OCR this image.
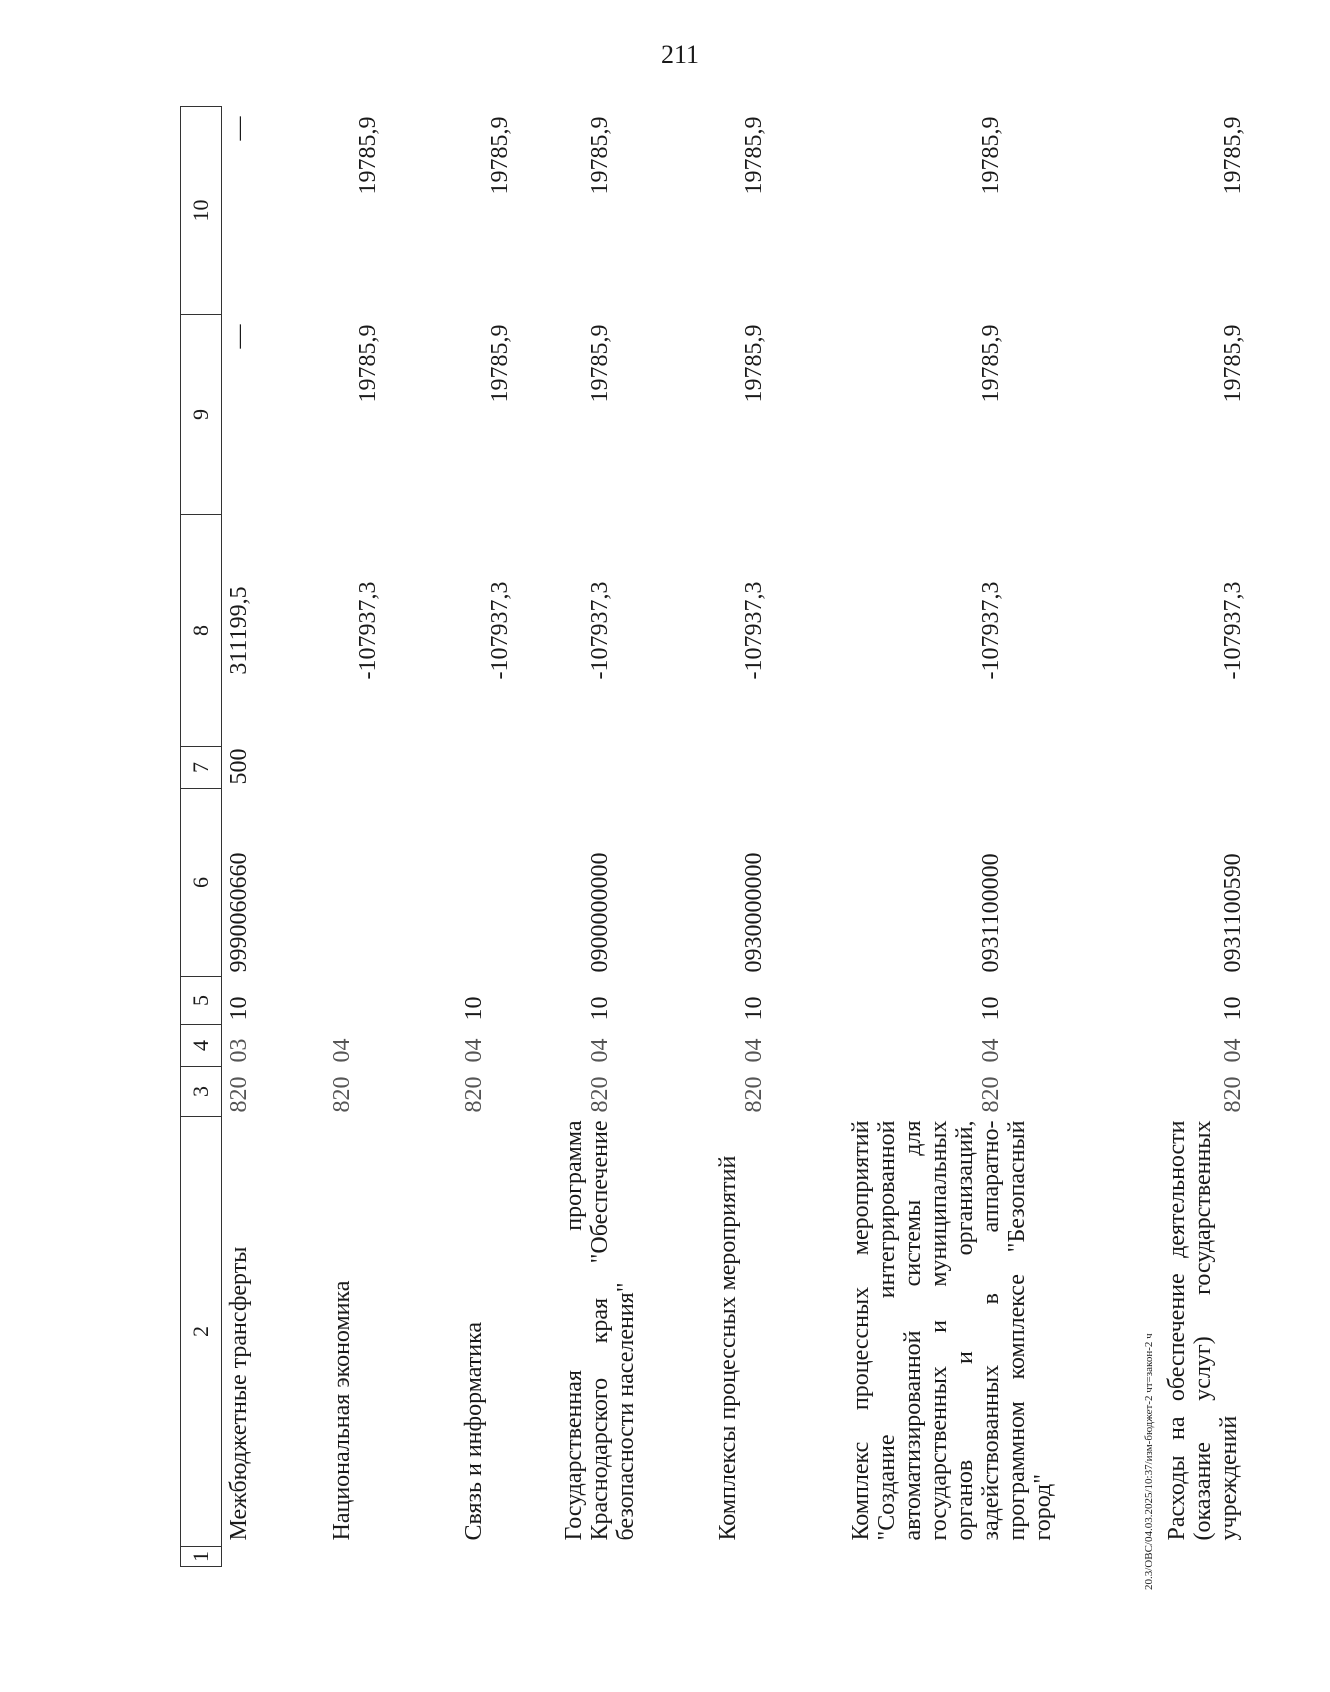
211
20.3/ОВС/04.03.2025/10:37/изм-бюджет-2 чт=закон-2 ч
1	2	3	4	5	6	7	8	9	10
	Межбюджетные трансферты	820	03	10	9990060660	500	311199,5	—	—
	Национальная экономика	820	04				-107937,3	19785,9	19785,9
	Связь и информатика	820	04	10			-107937,3	19785,9	19785,9
	Государственная программа Краснодарского края "Обеспечение безопасности населения"	820	04	10	0900000000		-107937,3	19785,9	19785,9
	Комплексы процессных мероприятий	820	04	10	0930000000		-107937,3	19785,9	19785,9
	Комплекс процессных мероприятий "Создание интегрированной автоматизированной системы для государственных и муниципальных органов и организаций, задействованных в аппаратно-программном комплексе "Безопасный город"	820	04	10	0931100000		-107937,3	19785,9	19785,9
	Расходы на обеспечение деятельности (оказание услуг) государственных учреждений	820	04	10	0931100590		-107937,3	19785,9	19785,9
